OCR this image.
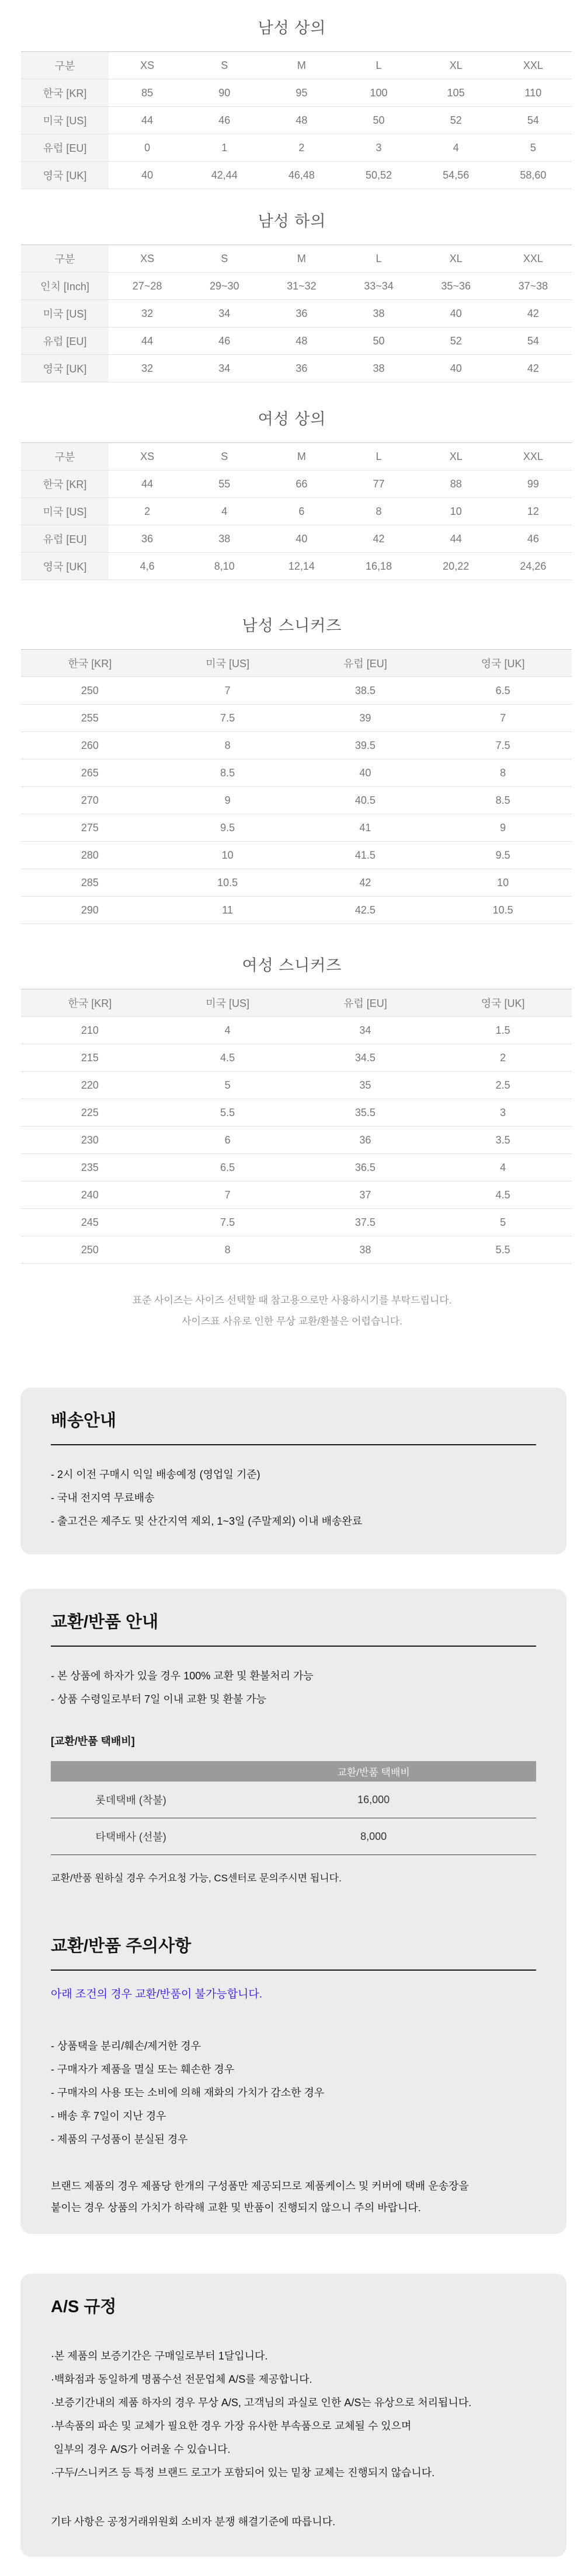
남성 상의
구분	XS	S	M	L	XL	XXL
한국 [KR]	85	90	95	100	105	110
미국 [US]	44	46	48	50	52	54
유럽 [EU]	0	1	2	3	4	5
영국 [UK]	40	42,44	46,48	50,52	54,56	58,60
남성 하의
구분	XS	S	M	L	XL	XXL
인치 [Inch]	27~28	29~30	31~32	33~34	35~36	37~38
미국 [US]	32	34	36	38	40	42
유럽 [EU]	44	46	48	50	52	54
영국 [UK]	32	34	36	38	40	42
여성 상의
구분	XS	S	M	L	XL	XXL
한국 [KR]	44	55	66	77	88	99
미국 [US]	2	4	6	8	10	12
유럽 [EU]	36	38	40	42	44	46
영국 [UK]	4,6	8,10	12,14	16,18	20,22	24,26
남성 스니커즈
한국 [KR]	미국 [US]	유럽 [EU]	영국 [UK]
250	7	38.5	6.5
255	7.5	39	7
260	8	39.5	7.5
265	8.5	40	8
270	9	40.5	8.5
275	9.5	41	9
280	10	41.5	9.5
285	10.5	42	10
290	11	42.5	10.5
여성 스니커즈
한국 [KR]	미국 [US]	유럽 [EU]	영국 [UK]
210	4	34	1.5
215	4.5	34.5	2
220	5	35	2.5
225	5.5	35.5	3
230	6	36	3.5
235	6.5	36.5	4
240	7	37	4.5
245	7.5	37.5	5
250	8	38	5.5
표준 사이즈는 사이즈 선택할 때 참고용으로만 사용하시기를 부탁드립니다.
사이즈표 사유로 인한 무상 교환/환불은 어렵습니다.
배송안내
- 2시 이전 구매시 익일 배송예정 (영업일 기준)
- 국내 전지역 무료배송
- 출고건은 제주도 및 산간지역 제외, 1~3일 (주말제외) 이내 배송완료
교환/반품 안내
- 본 상품에 하자가 있을 경우 100% 교환 및 환불처리 가능
- 상품 수령일로부터 7일 이내 교환 및 환불 가능
[교환/반품 택배비]
	교환/반품 택배비
롯데택배 (착불)	16,000
타택배사 (선불)	8,000
교환/반품 원하실 경우 수거요청 가능, CS센터로 문의주시면 됩니다.
교환/반품 주의사항
아래 조건의 경우 교환/반품이 불가능합니다.
- 상품택을 분리/훼손/제거한 경우
- 구매자가 제품을 멸실 또는 훼손한 경우
- 구매자의 사용 또는 소비에 의해 재화의 가치가 감소한 경우
- 배송 후 7일이 지난 경우
- 제품의 구성품이 분실된 경우
브랜드 제품의 경우 제품당 한개의 구성품만 제공되므로 제품케이스 및 커버에 택배 운송장을
붙이는 경우 상품의 가치가 하락해 교환 및 반품이 진행되지 않으니 주의 바랍니다.
A/S 규정
·본 제품의 보증기간은 구매일로부터 1달입니다.
·백화점과 동일하게 명품수선 전문업체 A/S를 제공합니다.
·보증기간내의 제품 하자의 경우 무상 A/S, 고객님의 과실로 인한 A/S는 유상으로 처리됩니다.
·부속품의 파손 및 교체가 필요한 경우 가장 유사한 부속품으로 교체될 수 있으며
일부의 경우 A/S가 어려울 수 있습니다.
·구두/스니커즈 등 특정 브랜드 로고가 포함되어 있는 밑창 교체는 진행되지 않습니다.
기타 사항은 공정거래위원회 소비자 분쟁 해결기준에 따릅니다.
